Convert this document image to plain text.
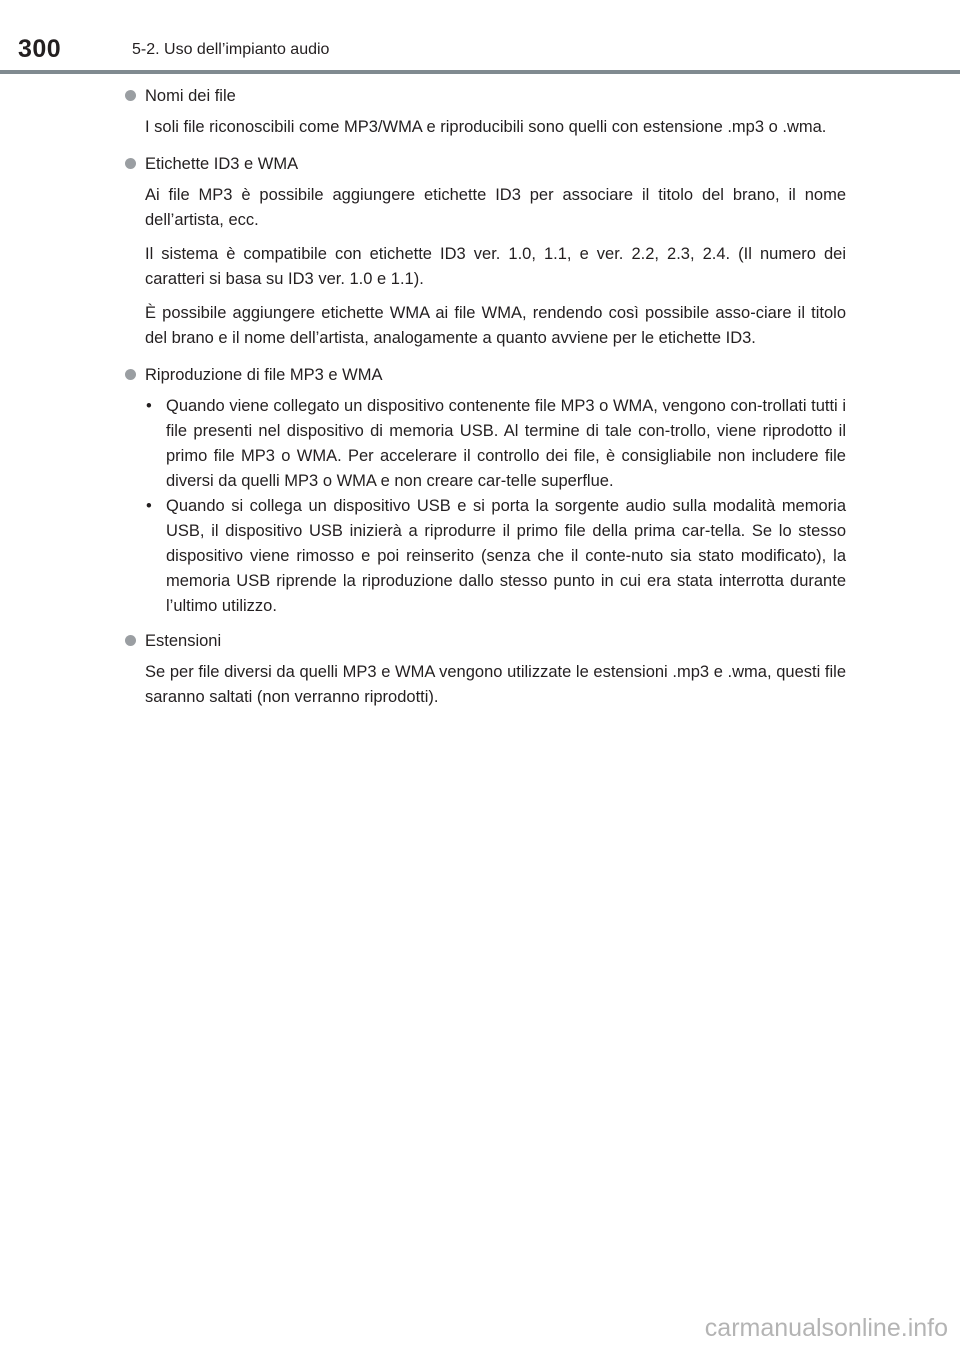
300	5-2. Uso dell’impianto audio
Nomi dei file

I soli file riconoscibili come MP3/WMA e riproducibili sono quelli con estensione .mp3 o .wma.

Etichette ID3 e WMA

Ai file MP3 è possibile aggiungere etichette ID3 per associare il titolo del brano, il nome dell’artista, ecc.

Il sistema è compatibile con etichette ID3 ver. 1.0, 1.1, e ver. 2.2, 2.3, 2.4. (Il numero dei caratteri si basa su ID3 ver. 1.0 e 1.1).

È possibile aggiungere etichette WMA ai file WMA, rendendo così possibile asso-ciare il titolo del brano e il nome dell’artista, analogamente a quanto avviene per le etichette ID3.

Riproduzione di file MP3 e WMA
• Quando viene collegato un dispositivo contenente file MP3 o WMA, vengono con-trollati tutti i file presenti nel dispositivo di memoria USB. Al termine di tale con-trollo, viene riprodotto il primo file MP3 o WMA. Per accelerare il controllo dei file, è consigliabile non includere file diversi da quelli MP3 o WMA e non creare car-telle superflue.
• Quando si collega un dispositivo USB e si porta la sorgente audio sulla modalità memoria USB, il dispositivo USB inizierà a riprodurre il primo file della prima car-tella. Se lo stesso dispositivo viene rimosso e poi reinserito (senza che il conte-nuto sia stato modificato), la memoria USB riprende la riproduzione dallo stesso punto in cui era stata interrotta durante l’ultimo utilizzo.
Estensioni

Se per file diversi da quelli MP3 e WMA vengono utilizzate le estensioni .mp3 e .wma, questi file saranno saltati (non verranno riprodotti).

carmanualsonline.info
